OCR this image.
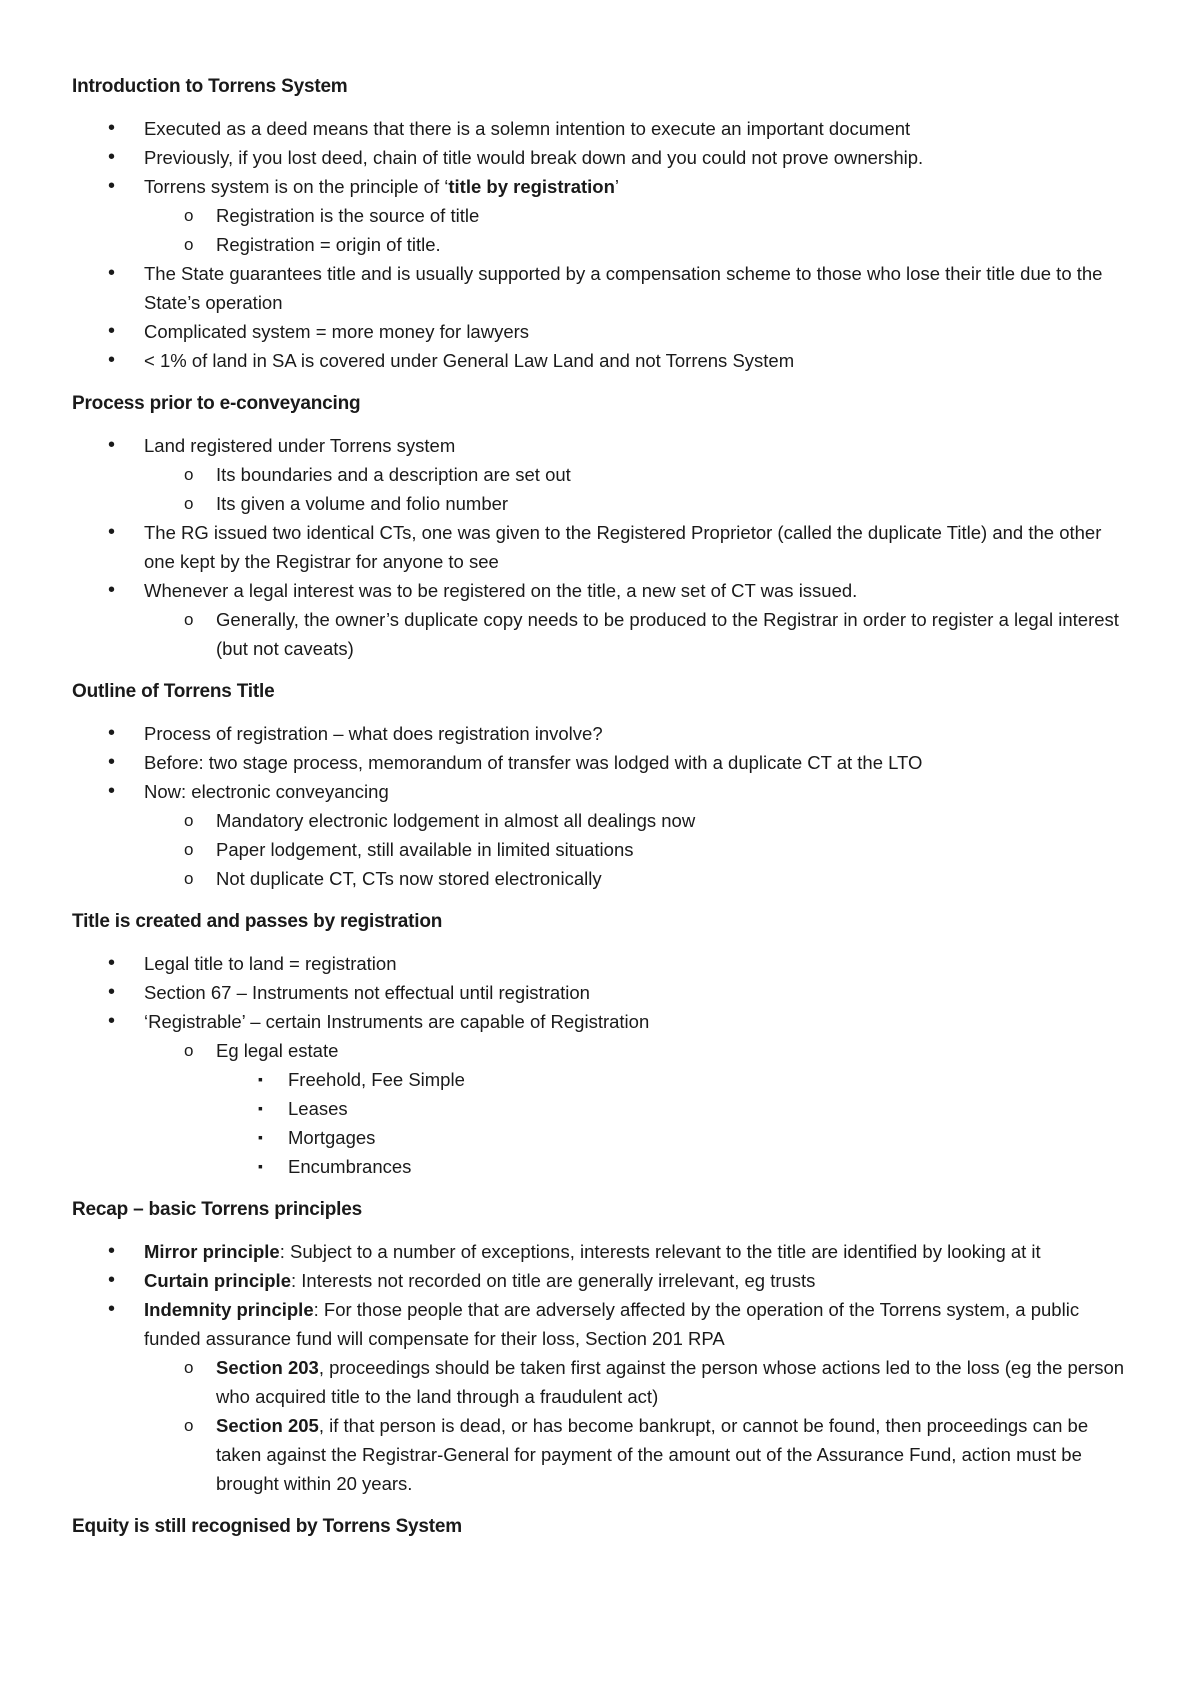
Introduction to Torrens System
• Executed as a deed means that there is a solemn intention to execute an important document
• Previously, if you lost deed, chain of title would break down and you could not prove ownership.
• Torrens system is on the principle of ‘title by registration’
o Registration is the source of title
o Registration = origin of title.
• The State guarantees title and is usually supported by a compensation scheme to those who lose their title due to the State’s operation
• Complicated system = more money for lawyers
• < 1% of land in SA is covered under General Law Land and not Torrens System
Process prior to e-conveyancing
• Land registered under Torrens system
o Its boundaries and a description are set out
o Its given a volume and folio number
• The RG issued two identical CTs, one was given to the Registered Proprietor (called the duplicate Title) and the other one kept by the Registrar for anyone to see
• Whenever a legal interest was to be registered on the title, a new set of CT was issued.
o Generally, the owner’s duplicate copy needs to be produced to the Registrar in order to register a legal interest (but not caveats)
Outline of Torrens Title
• Process of registration – what does registration involve?
• Before: two stage process, memorandum of transfer was lodged with a duplicate CT at the LTO
• Now: electronic conveyancing
o Mandatory electronic lodgement in almost all dealings now
o Paper lodgement, still available in limited situations
o Not duplicate CT, CTs now stored electronically
Title is created and passes by registration
• Legal title to land = registration
• Section 67 – Instruments not effectual until registration
• ‘Registrable’ – certain Instruments are capable of Registration
o Eg legal estate
▪ Freehold, Fee Simple
▪ Leases
▪ Mortgages
▪ Encumbrances
Recap – basic Torrens principles
• Mirror principle: Subject to a number of exceptions, interests relevant to the title are identified by looking at it
• Curtain principle: Interests not recorded on title are generally irrelevant, eg trusts
• Indemnity principle: For those people that are adversely affected by the operation of the Torrens system, a public funded assurance fund will compensate for their loss, Section 201 RPA
o Section 203, proceedings should be taken first against the person whose actions led to the loss (eg the person who acquired title to the land through a fraudulent act)
o Section 205, if that person is dead, or has become bankrupt, or cannot be found, then proceedings can be taken against the Registrar-General for payment of the amount out of the Assurance Fund, action must be brought within 20 years.
Equity is still recognised by Torrens System
